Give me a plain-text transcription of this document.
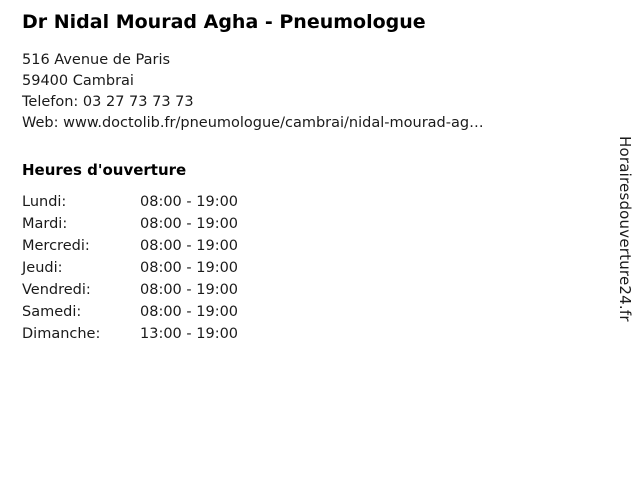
Dr Nidal Mourad Agha - Pneumologue
516 Avenue de Paris
59400 Cambrai
Telefon: 03 27 73 73 73
Web: www.doctolib.fr/pneumologue/cambrai/nidal-mourad-ag…
Heures d'ouverture
Lundi:	08:00 - 19:00
Mardi:	08:00 - 19:00
Mercredi:	08:00 - 19:00
Jeudi:	08:00 - 19:00
Vendredi:	08:00 - 19:00
Samedi:	08:00 - 19:00
Dimanche:	13:00 - 19:00
Horairesdouverture24.fr
